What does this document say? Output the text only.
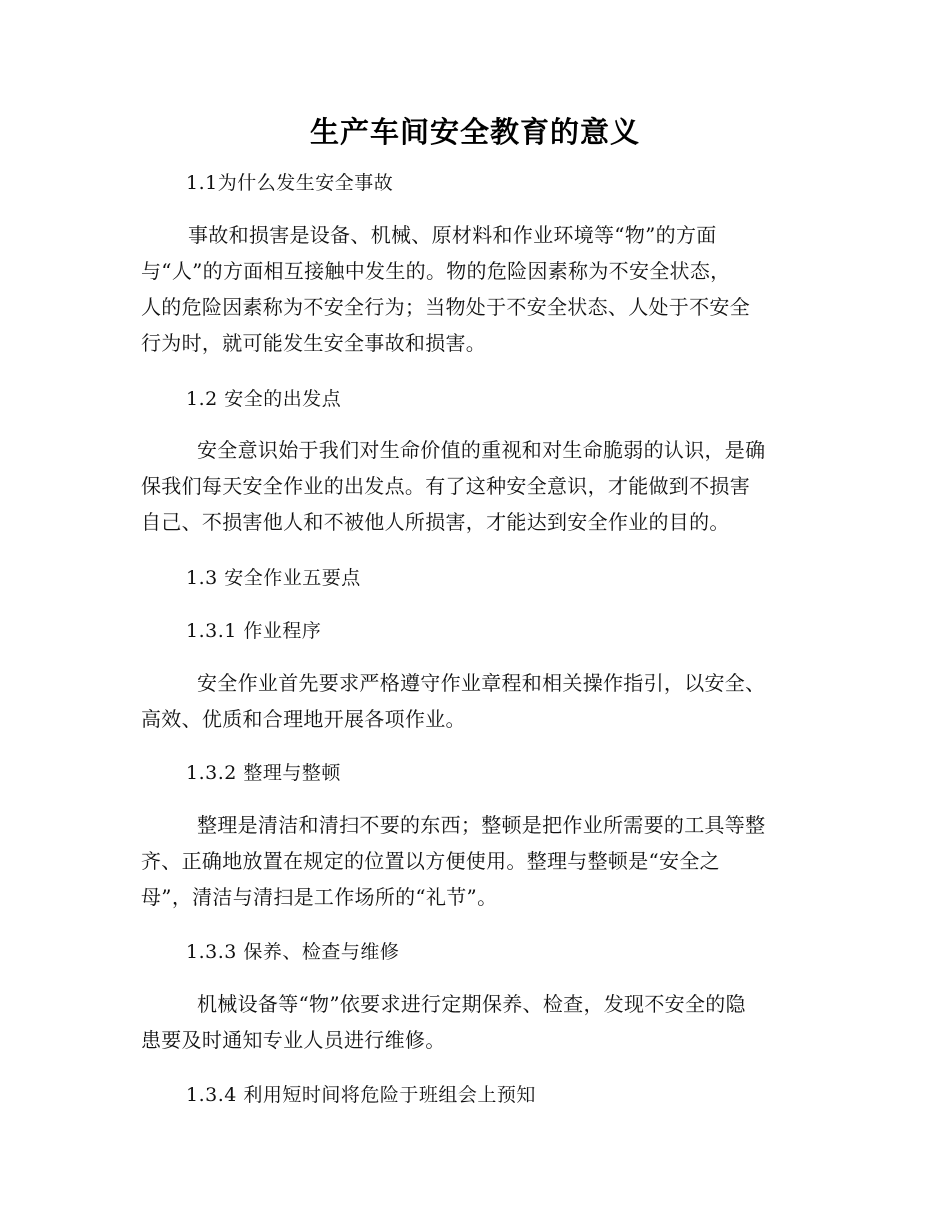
生产车间安全教育的意义
1.1为什么发生安全事故
事故和损害是设备、机械、原材料和作业环境等“物”的方面
与“人”的方面相互接触中发生的。物的危险因素称为不安全状态，
人的危险因素称为不安全行为；当物处于不安全状态、人处于不安全
行为时，就可能发生安全事故和损害。
1.2 安全的出发点
安全意识始于我们对生命价值的重视和对生命脆弱的认识，是确
保我们每天安全作业的出发点。有了这种安全意识，才能做到不损害
自己、不损害他人和不被他人所损害，才能达到安全作业的目的。
1.3 安全作业五要点
1.3.1 作业程序
安全作业首先要求严格遵守作业章程和相关操作指引，以安全、
高效、优质和合理地开展各项作业。
1.3.2 整理与整顿
整理是清洁和清扫不要的东西；整顿是把作业所需要的工具等整
齐、正确地放置在规定的位置以方便使用。整理与整顿是“安全之
母”，清洁与清扫是工作场所的“礼节”。
1.3.3 保养、检查与维修
机械设备等“物”依要求进行定期保养、检查，发现不安全的隐
患要及时通知专业人员进行维修。
1.3.4 利用短时间将危险于班组会上预知
